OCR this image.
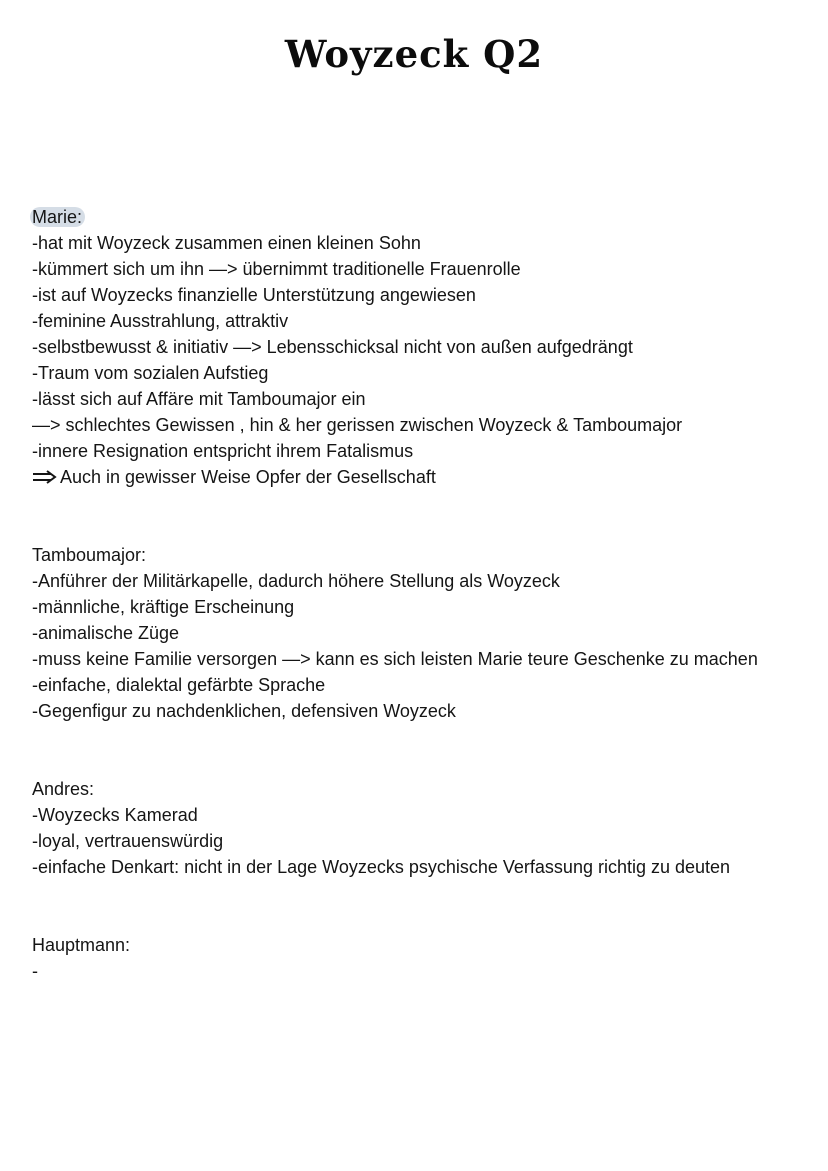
Woyzeck Q2
Marie:
-hat mit Woyzeck zusammen einen kleinen Sohn
-kümmert sich um ihn —> übernimmt traditionelle Frauenrolle
-ist auf Woyzecks finanzielle Unterstützung angewiesen
-feminine Ausstrahlung, attraktiv
-selbstbewusst & initiativ —> Lebensschicksal nicht von außen aufgedrängt
-Traum vom sozialen Aufstieg
-lässt sich auf Affäre mit Tamboumajor ein
—> schlechtes Gewissen , hin & her gerissen zwischen Woyzeck & Tamboumajor
-innere Resignation entspricht ihrem Fatalismus
Auch in gewisser Weise Opfer der Gesellschaft
Tamboumajor:
-Anführer der Militärkapelle, dadurch höhere Stellung als Woyzeck
-männliche, kräftige Erscheinung
-animalische Züge
-muss keine Familie versorgen —> kann es sich leisten Marie teure Geschenke zu machen
-einfache, dialektal gefärbte Sprache
-Gegenfigur zu nachdenklichen, defensiven Woyzeck
Andres:
-Woyzecks Kamerad
-loyal, vertrauenswürdig
-einfache Denkart: nicht in der Lage Woyzecks psychische Verfassung richtig zu deuten
Hauptmann:
-
